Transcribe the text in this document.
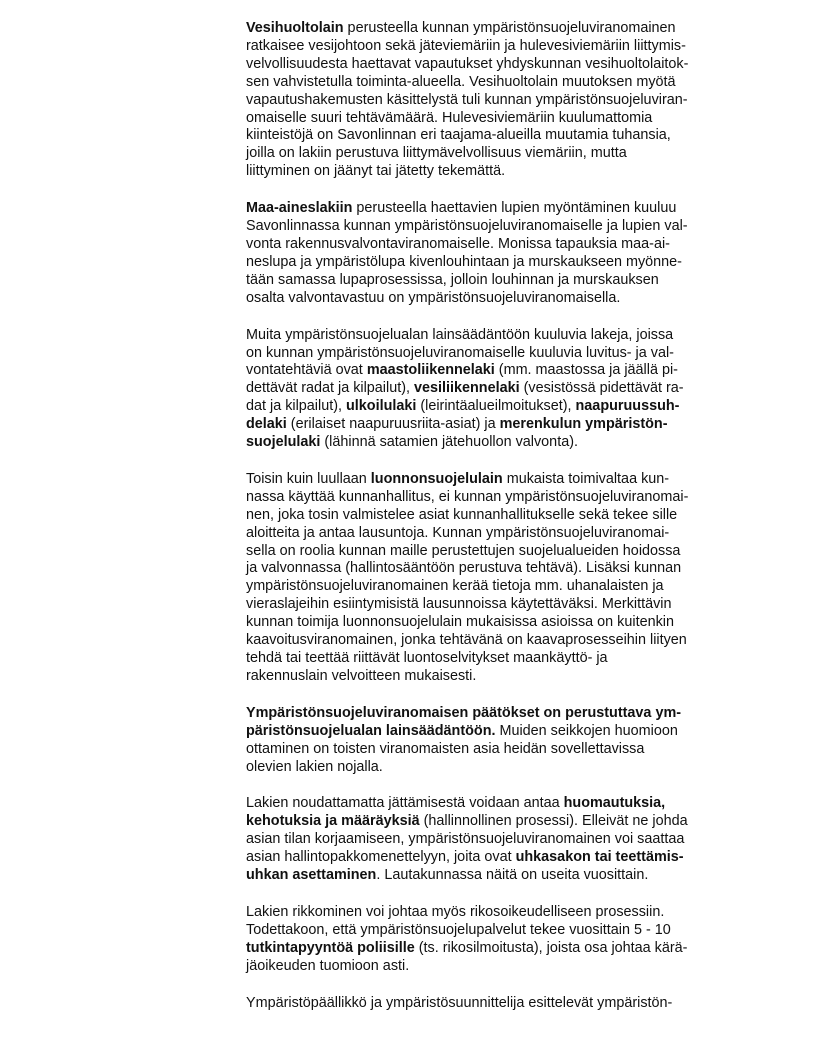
Vesihuoltolain perusteella kunnan ympäristönsuojeluviranomainen
ratkaisee vesijohtoon sekä jäteviemäriin ja hulevesiviemäriin liittymis-
velvollisuudesta haettavat vapautukset yhdyskunnan vesihuoltolaitok-
sen vahvistetulla toiminta-alueella. Vesihuoltolain muutoksen myötä
vapautushakemusten käsittelystä tuli kunnan ympäristönsuojeluviran-
omaiselle suuri tehtävämäärä. Hulevesiviemäriin kuulumattomia
kiinteistöjä on Savonlinnan eri taajama-alueilla muutamia tuhansia,
joilla on lakiin perustuva liittymävelvollisuus viemäriin, mutta
liittyminen on jäänyt tai jätetty tekemättä.
Maa-aineslakiin perusteella haettavien lupien myöntäminen kuuluu
Savonlinnassa kunnan ympäristönsuojeluviranomaiselle ja lupien val-
vonta rakennusvalvontaviranomaiselle. Monissa tapauksia maa-ai-
neslupa ja ympäristölupa kivenlouhintaan ja murskaukseen myönne-
tään samassa lupaprosessissa, jolloin louhinnan ja murskauksen
osalta valvontavastuu on ympäristönsuojeluviranomaisella.
Muita ympäristönsuojelualan lainsäädäntöön kuuluvia lakeja, joissa
on kunnan ympäristönsuojeluviranomaiselle kuuluvia luvitus- ja val-
vontatehtäviä ovat maastoliikennelaki (mm. maastossa ja jäällä pi-
dettävät radat ja kilpailut), vesiliikennelaki (vesistössä pidettävät ra-
dat ja kilpailut), ulkoilulaki (leirintäalueilmoitukset), naapuruussuh-
delaki (erilaiset naapuruusriita-asiat) ja merenkulun ympäristön-
suojelulaki (lähinnä satamien jätehuollon valvonta).
Toisin kuin luullaan luonnonsuojelulain mukaista toimivaltaa kun-
nassa käyttää kunnanhallitus, ei kunnan ympäristönsuojeluviranomai-
nen, joka tosin valmistelee asiat kunnanhallitukselle sekä tekee sille
aloitteita ja antaa lausuntoja. Kunnan ympäristönsuojeluviranomai-
sella on roolia kunnan maille perustettujen suojelualueiden hoidossa
ja valvonnassa (hallintosääntöön perustuva tehtävä). Lisäksi kunnan
ympäristönsuojeluviranomainen kerää tietoja mm. uhanalaisten ja
vieraslajeihin esiintymisistä lausunnoissa käytettäväksi. Merkittävin
kunnan toimija luonnonsuojelulain mukaisissa asioissa on kuitenkin
kaavoitusviranomainen, jonka tehtävänä on kaavaprosesseihin liityen
tehdä tai teettää riittävät luontoselvitykset maankäyttö- ja
rakennuslain velvoitteen mukaisesti.
Ympäristönsuojeluviranomaisen päätökset on perustuttava ym-
päristönsuojelualan lainsäädäntöön. Muiden seikkojen huomioon
ottaminen on toisten viranomaisten asia heidän sovellettavissa
olevien lakien nojalla.
Lakien noudattamatta jättämisestä voidaan antaa huomautuksia,
kehotuksia ja määräyksiä (hallinnollinen prosessi). Elleivät ne johda
asian tilan korjaamiseen, ympäristönsuojeluviranomainen voi saattaa
asian hallintopakkomenettelyyn, joita ovat uhkasakon tai teettämis-
uhkan asettaminen. Lautakunnassa näitä on useita vuosittain.
Lakien rikkominen voi johtaa myös rikosoikeudelliseen prosessiin.
Todettakoon, että ympäristönsuojelupalvelut tekee vuosittain 5 - 10
tutkintapyyntöä poliisille (ts. rikosilmoitusta), joista osa johtaa kärä-
jäoikeuden tuomioon asti.
Ympäristöpäällikkö ja ympäristösuunnittelija esittelevät ympäristön-
